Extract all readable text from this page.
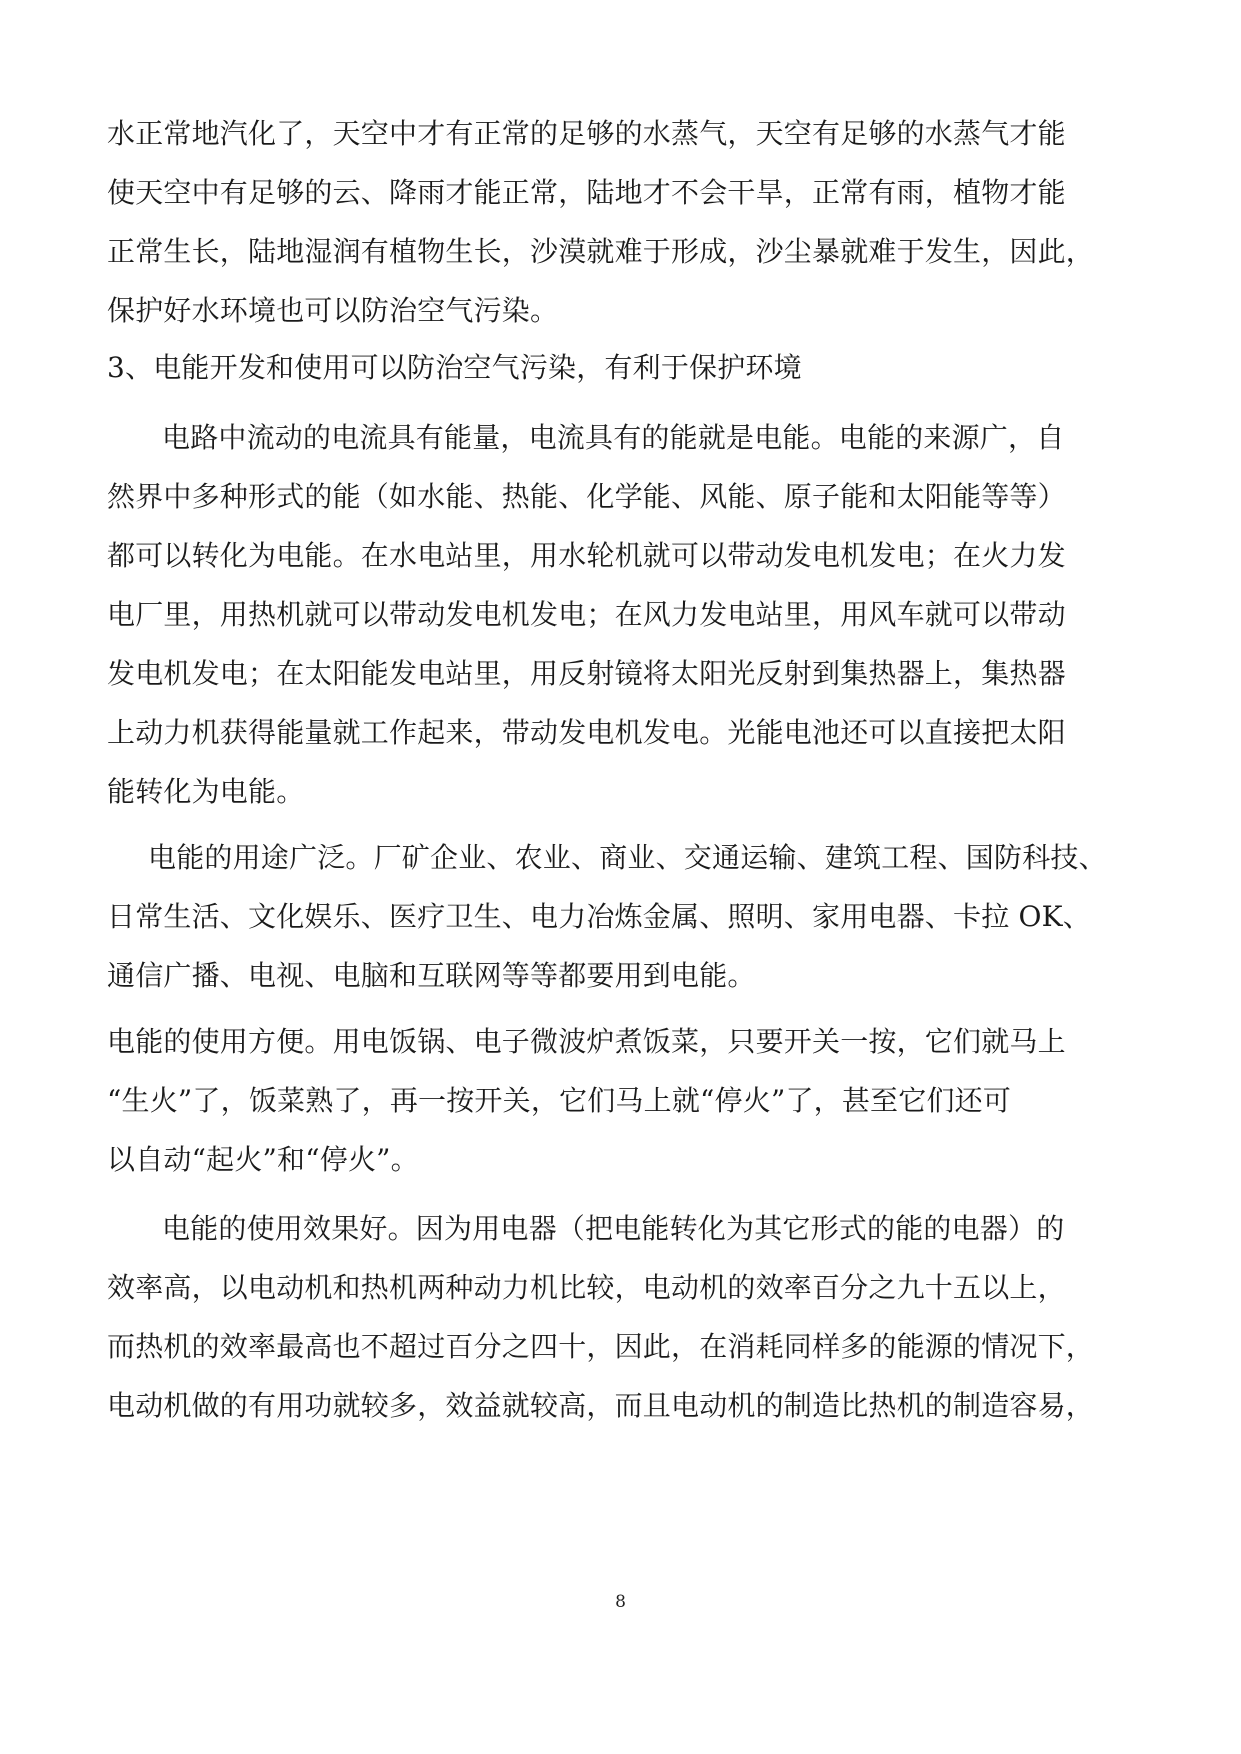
水正常地汽化了，天空中才有正常的足够的水蒸气，天空有足够的水蒸气才能

使天空中有足够的云、降雨才能正常，陆地才不会干旱，正常有雨，植物才能

正常生长，陆地湿润有植物生长，沙漠就难于形成，沙尘暴就难于发生，因此，

保护好水环境也可以防治空气污染。

3、电能开发和使用可以防治空气污染，有利于保护环境

电路中流动的电流具有能量，电流具有的能就是电能。电能的来源广，自

然界中多种形式的能（如水能、热能、化学能、风能、原子能和太阳能等等）

都可以转化为电能。在水电站里，用水轮机就可以带动发电机发电；在火力发

电厂里，用热机就可以带动发电机发电；在风力发电站里，用风车就可以带动

发电机发电；在太阳能发电站里，用反射镜将太阳光反射到集热器上，集热器

上动力机获得能量就工作起来，带动发电机发电。光能电池还可以直接把太阳

能转化为电能。

电能的用途广泛。厂矿企业、农业、商业、交通运输、建筑工程、国防科技、

日常生活、文化娱乐、医疗卫生、电力冶炼金属、照明、家用电器、卡拉 OK、

通信广播、电视、电脑和互联网等等都要用到电能。

电能的使用方便。用电饭锅、电子微波炉煮饭菜，只要开关一按，它们就马上

“生火”了，饭菜熟了，再一按开关，它们马上就“停火”了，甚至它们还可

以自动“起火”和“停火”。

电能的使用效果好。因为用电器（把电能转化为其它形式的能的电器）的

效率高，以电动机和热机两种动力机比较，电动机的效率百分之九十五以上，

而热机的效率最高也不超过百分之四十，因此，在消耗同样多的能源的情况下，

电动机做的有用功就较多，效益就较高，而且电动机的制造比热机的制造容易，

8
